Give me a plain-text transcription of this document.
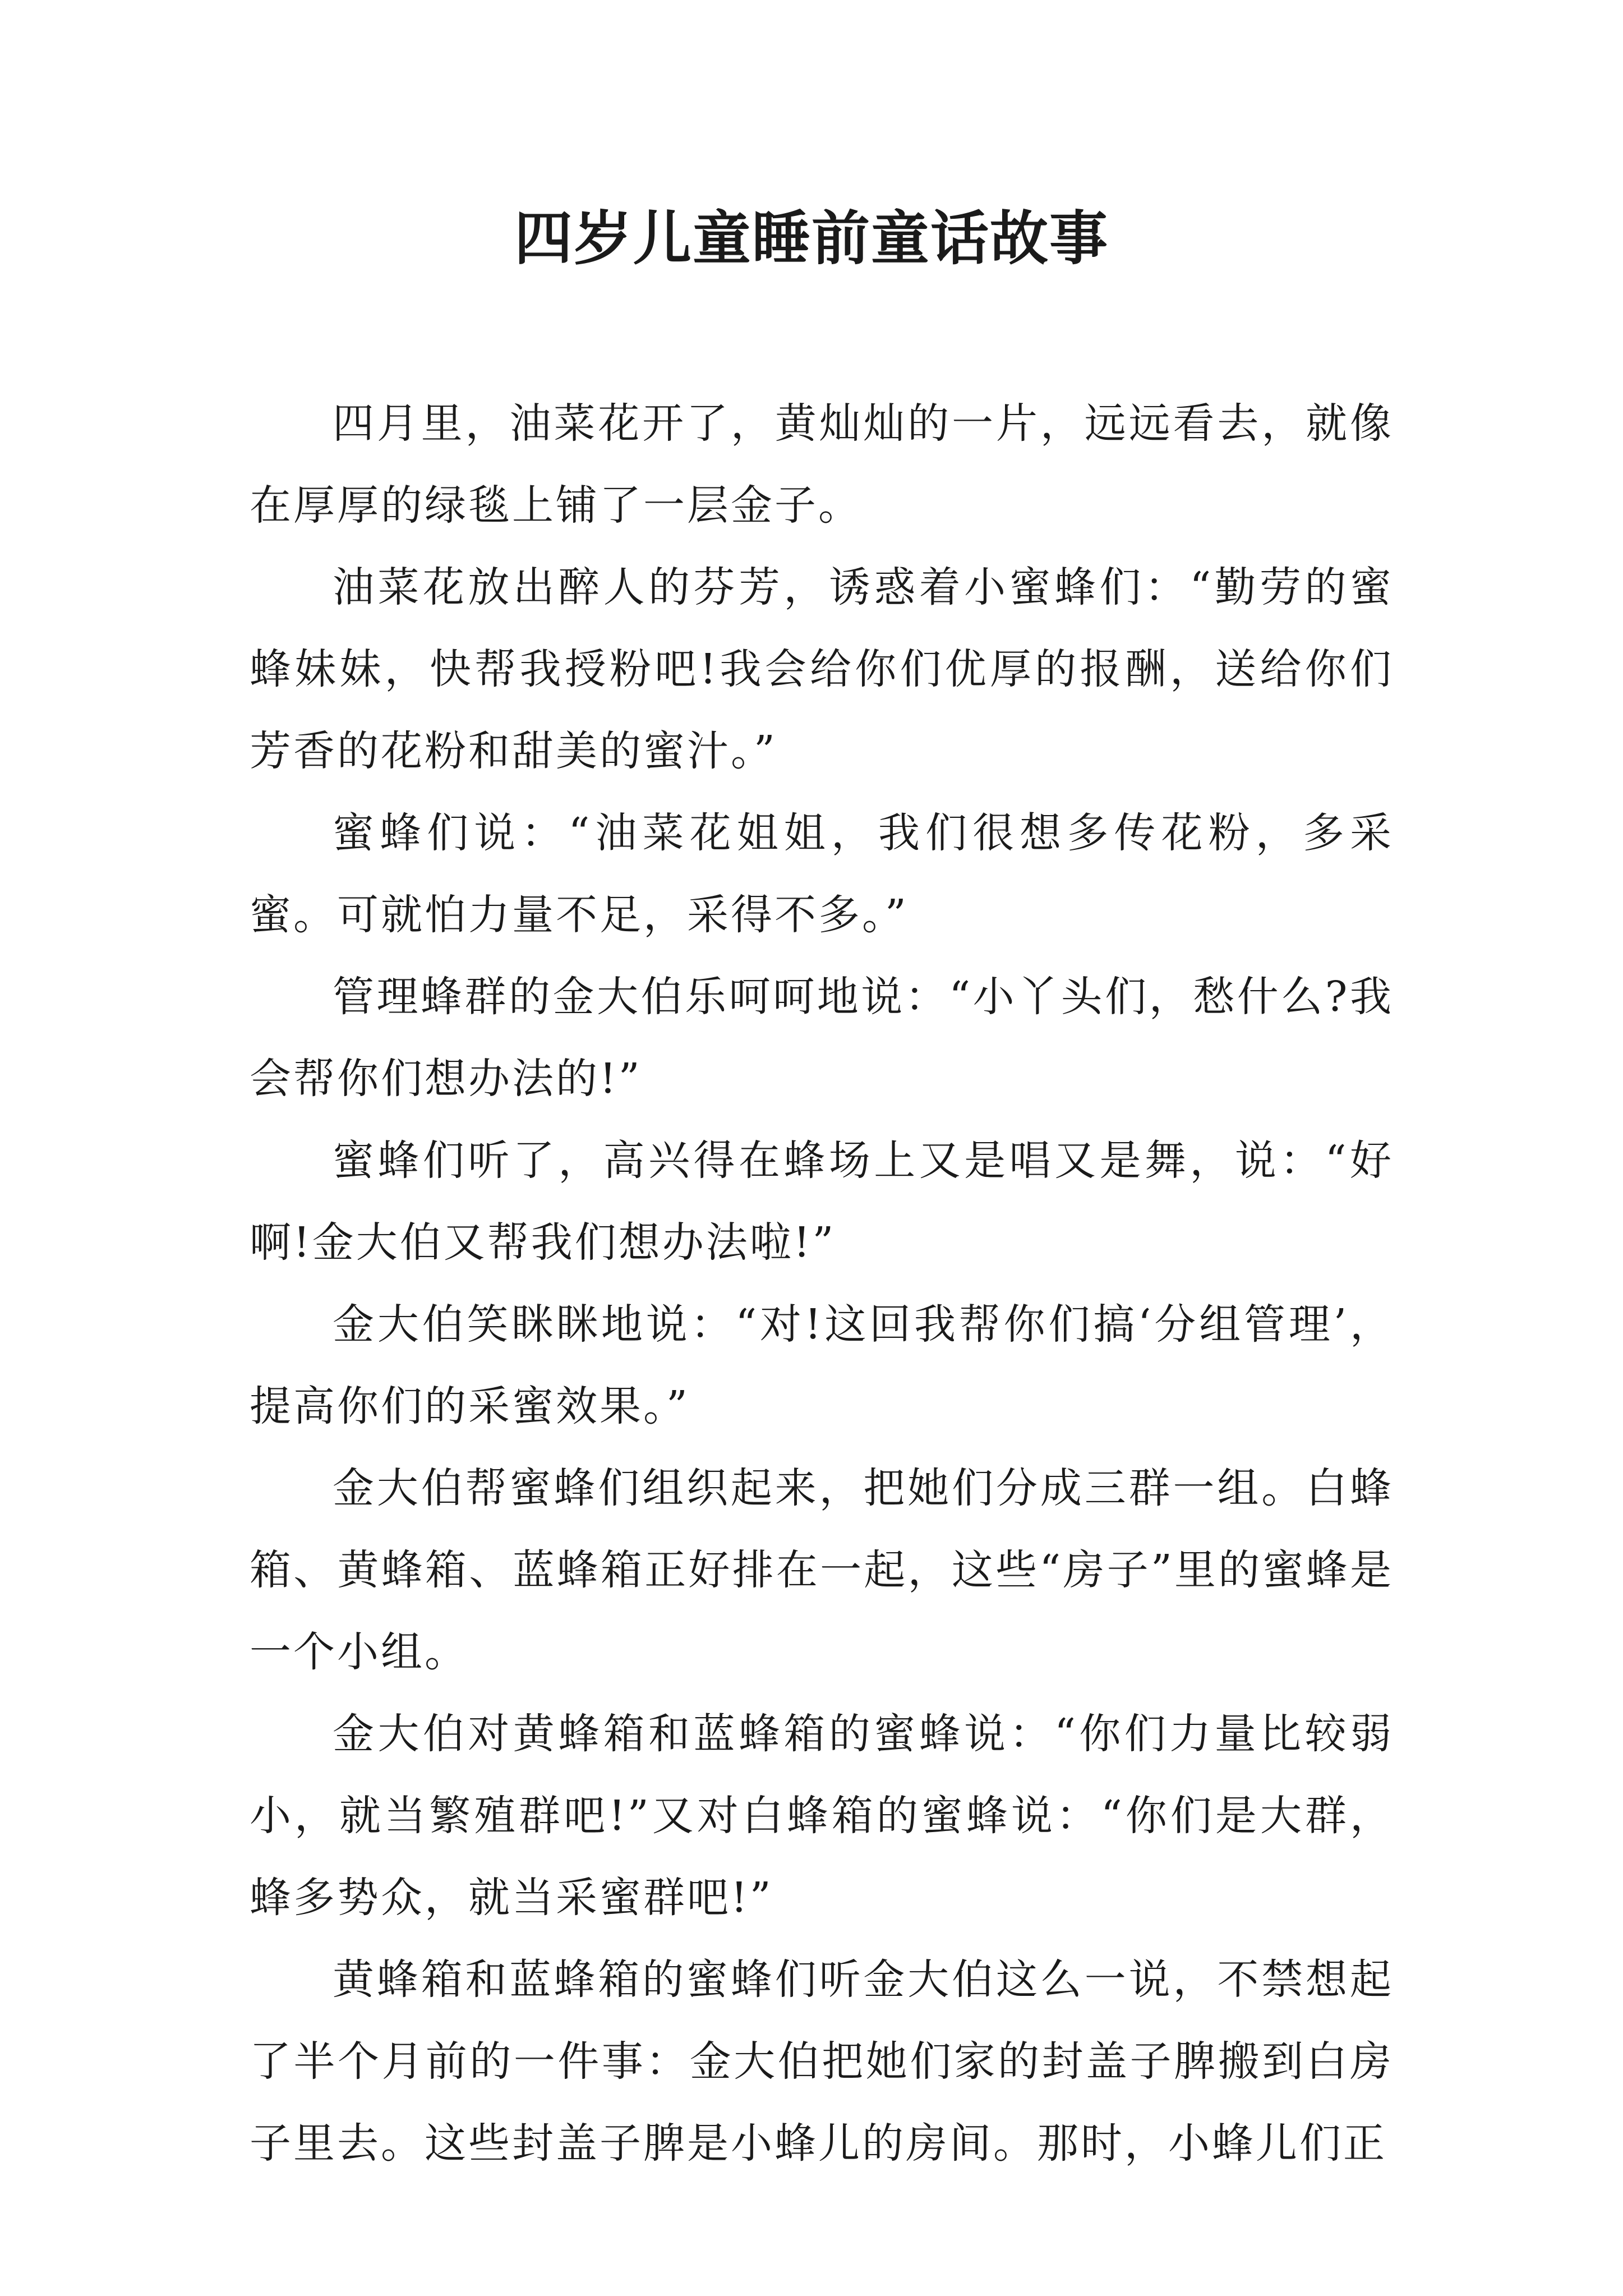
四岁儿童睡前童话故事

四月里，油菜花开了，黄灿灿的一片，远远看去，就像在厚厚的绿毯上铺了一层金子。

油菜花放出醉人的芬芳，诱惑着小蜜蜂们：“勤劳的蜜蜂妹妹，快帮我授粉吧!我会给你们优厚的报酬，送给你们芳香的花粉和甜美的蜜汁。”

蜜蜂们说：“油菜花姐姐，我们很想多传花粉，多采蜜。可就怕力量不足，采得不多。”

管理蜂群的金大伯乐呵呵地说：“小丫头们，愁什么?我会帮你们想办法的!”

蜜蜂们听了，高兴得在蜂场上又是唱又是舞，说：“好啊!金大伯又帮我们想办法啦!”

金大伯笑眯眯地说：“对!这回我帮你们搞‘分组管理’，提高你们的采蜜效果。”

金大伯帮蜜蜂们组织起来，把她们分成三群一组。白蜂箱、黄蜂箱、蓝蜂箱正好排在一起，这些“房子”里的蜜蜂是一个小组。

金大伯对黄蜂箱和蓝蜂箱的蜜蜂说：“你们力量比较弱小，就当繁殖群吧!”又对白蜂箱的蜜蜂说：“你们是大群，蜂多势众，就当采蜜群吧!”

黄蜂箱和蓝蜂箱的蜜蜂们听金大伯这么一说，不禁想起了半个月前的一件事：金大伯把她们家的封盖子脾搬到白房子里去。这些封盖子脾是小蜂儿的房间。那时，小蜂儿们正
